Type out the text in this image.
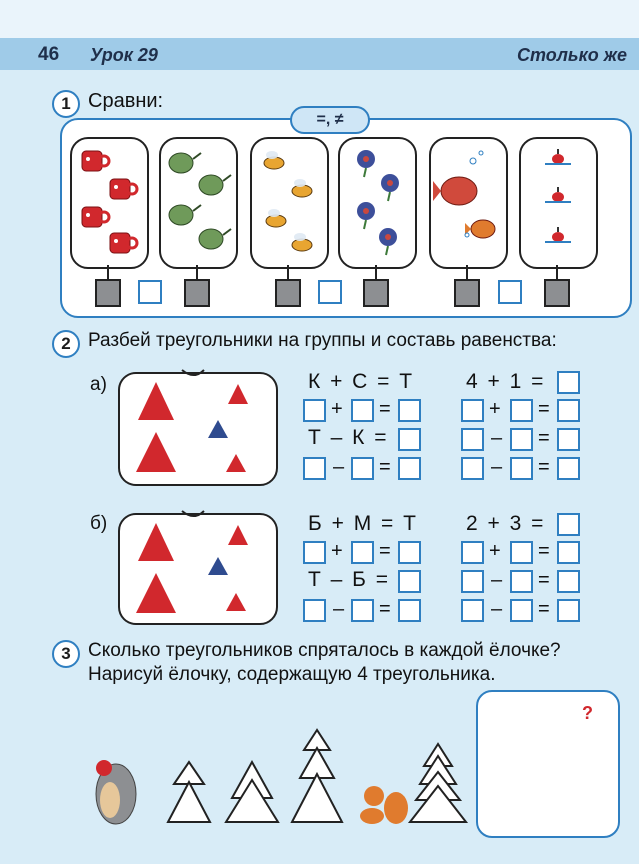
46 Урок 29	Столько же
1 Сравни:
=, ≠
2 Разбей треугольники на группы и составь равенства:
а)	К + С = Т 4 + 1 =
+ =	+ =
Т – К =	– =
– =	– =
б)	Б + М = Т 2 + 3 =
+ =	+ =
Т – Б =	– =
– =	– =
3 Сколько треугольников спряталось в каждой ёлочке?
Нарисуй ёлочку, содержащую 4 треугольника.
?
